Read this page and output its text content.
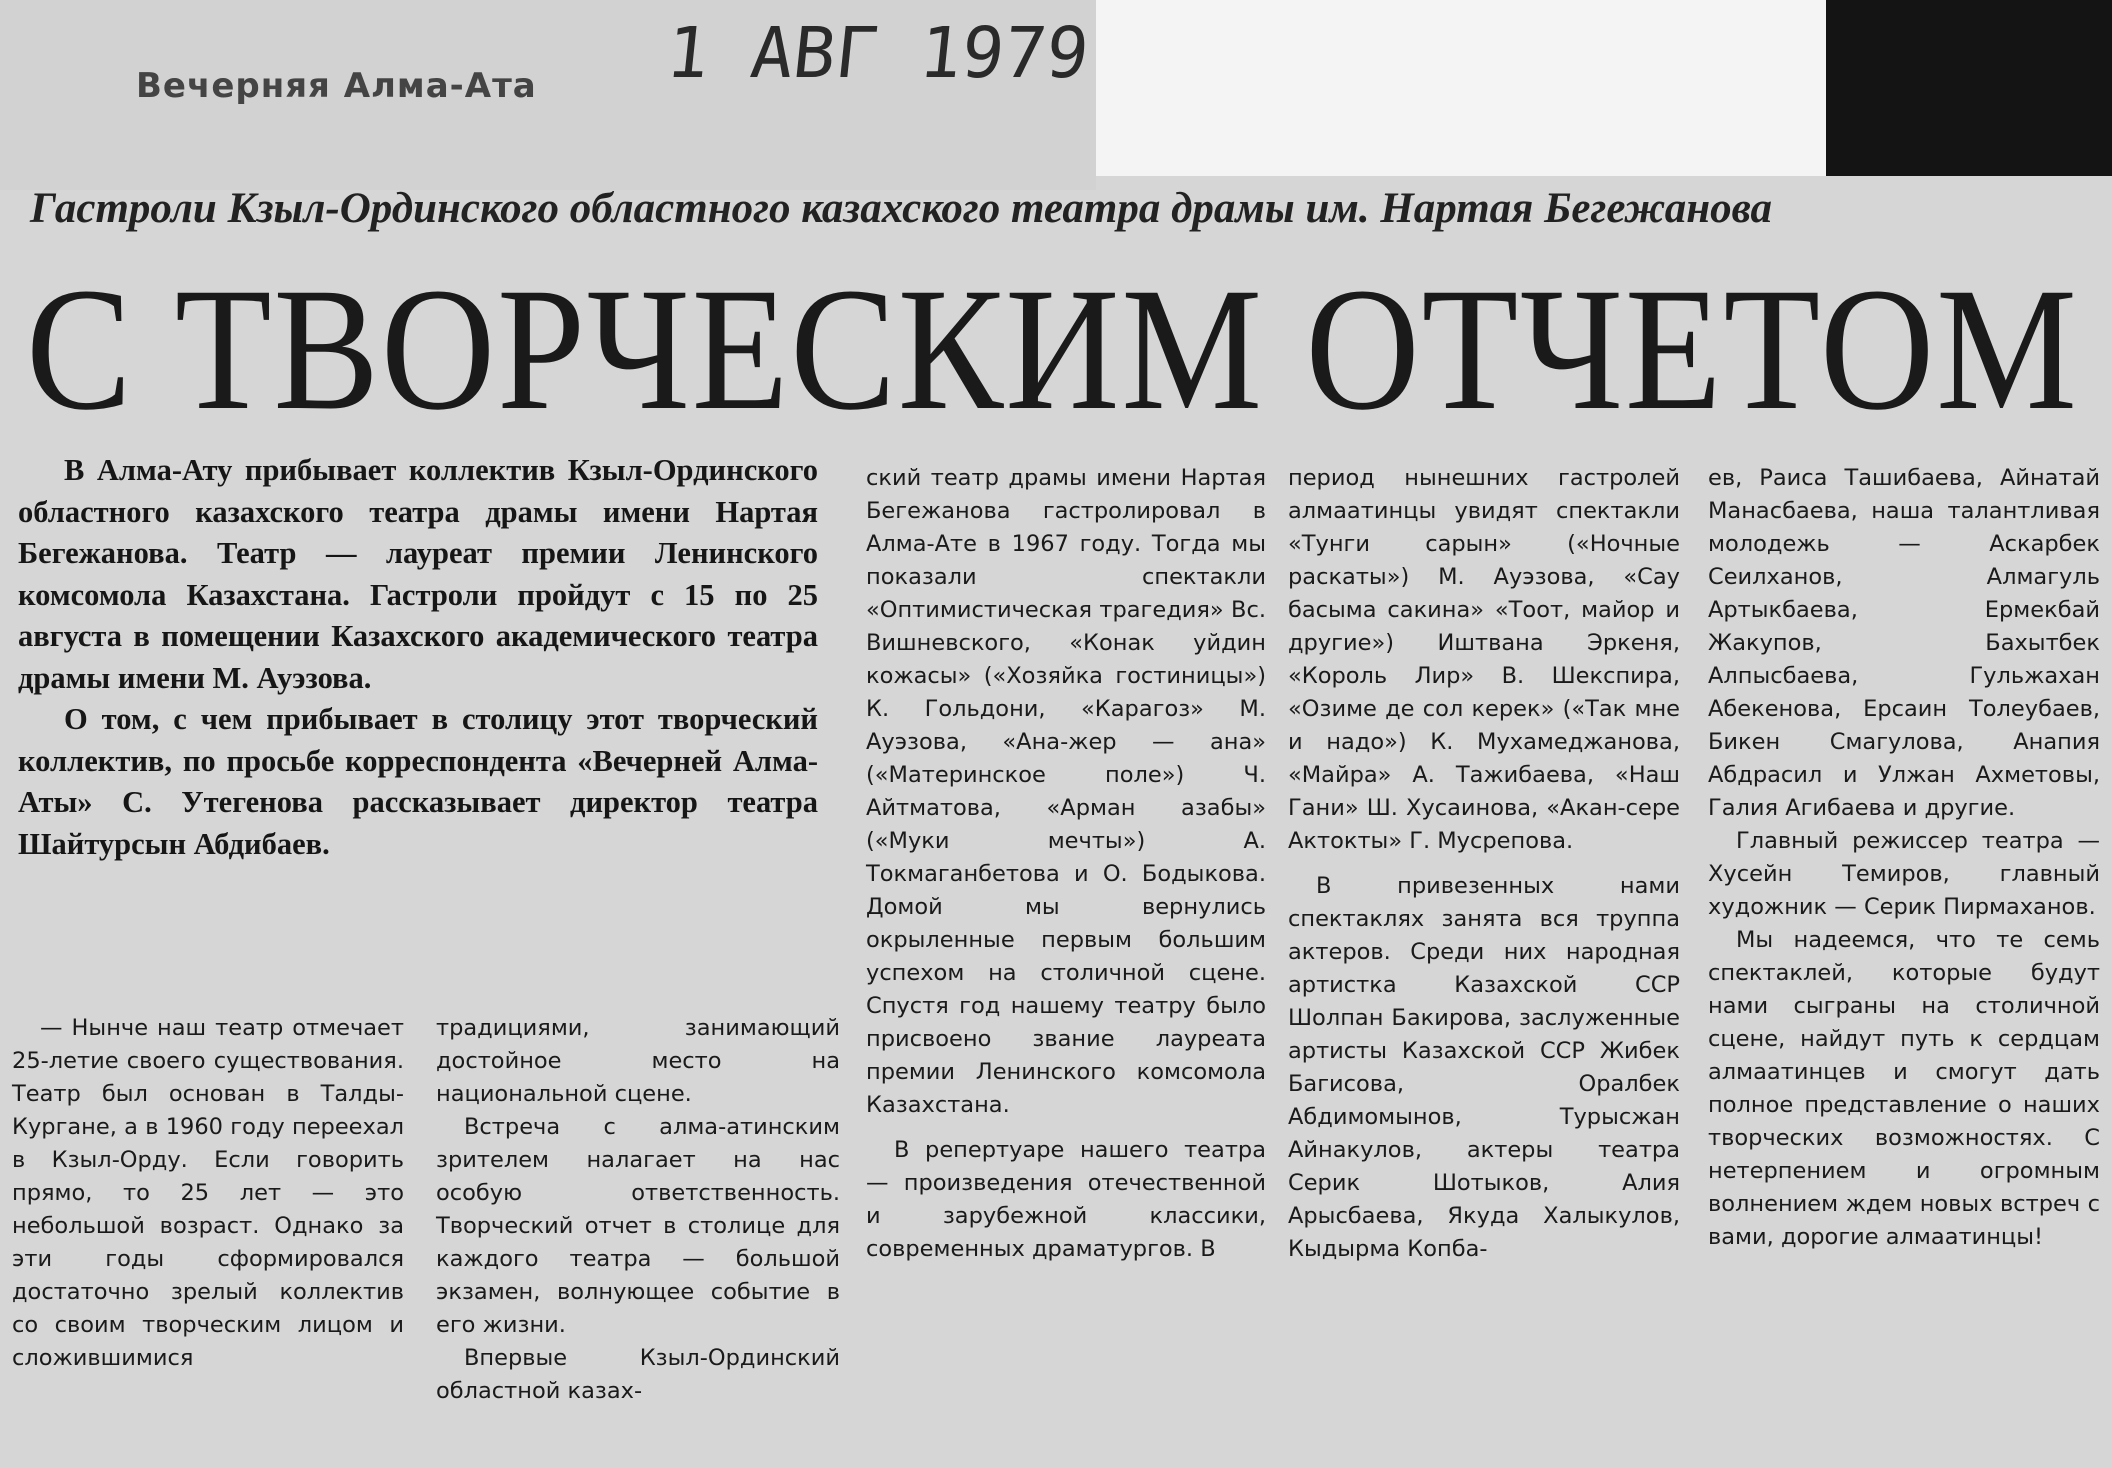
Вечерняя Алма-Ата 1 АВГ 1979
Гастроли Кзыл-Ординского областного казахского театра драмы им. Нартая Бегежанова
С ТВОРЧЕСКИМ ОТЧЕТОМ

В Алма-Ату прибывает коллектив Кзыл-Ординского областного казахского театра драмы имени Нартая Бегежанова. Театр — лауреат премии Ленинского комсомола Казахстана. Гастроли пройдут с 15 по 25 августа в помещении Казахского академического театра драмы имени М. Ауэзова.

О том, с чем прибывает в столицу этот творческий коллектив, по просьбе корреспондента «Вечерней Алма-Аты» С. Утегенова рассказывает директор театра Шайтурсын Абдибаев.

— Нынче наш театр отмечает 25-летие своего существования. Театр был основан в Талды-Кургане, а в 1960 году переехал в Кзыл-Орду. Если говорить прямо, то 25 лет — это небольшой возраст. Однако за эти годы сформировался достаточно зрелый коллектив со своим творческим лицом и сложившимися

традициями, занимающий достойное место на национальной сцене.

Встреча с алма-атинским зрителем налагает на нас особую ответственность. Творческий отчет в столице для каждого театра — большой экзамен, волнующее событие в его жизни.

Впервые Кзыл-Ординский областной казах-

ский театр драмы имени Нартая Бегежанова гастролировал в Алма-Ате в 1967 году. Тогда мы показали спектакли «Оптимистическая трагедия» Вс. Вишневского, «Конак уйдин кожасы» («Хозяйка гостиницы») К. Гольдони, «Карагоз» М. Ауэзова, «Ана-жер — ана» («Материнское поле») Ч. Айтматова, «Арман азабы» («Муки мечты») А. Токмаганбетова и О. Бодыкова. Домой мы вернулись окрыленные первым большим успехом на столичной сцене. Спустя год нашему театру было присвоено звание лауреата премии Ленинского комсомола Казахстана.

В репертуаре нашего театра — произведения отечественной и зарубежной классики, современных драматургов. В

период нынешних гастролей алмаатинцы увидят спектакли «Тунги сарын» («Ночные раскаты») М. Ауэзова, «Сау басыма сакина» «Тоот, майор и другие») Иштвана Эркеня, «Король Лир» В. Шекспира, «Озиме де сол керек» («Так мне и надо») К. Мухамеджанова, «Майра» А. Тажибаева, «Наш Гани» Ш. Хусаинова, «Акан-сере Актокты» Г. Мусрепова.

В привезенных нами спектаклях занята вся труппа актеров. Среди них народная артистка Казахской ССР Шолпан Бакирова, заслуженные артисты Казахской ССР Жибек Багисова, Оралбек Абдимомынов, Турысжан Айнакулов, актеры театра Серик Шотыков, Алия Арысбаева, Якуда Халыкулов, Кыдырма Копба-

ев, Раиса Ташибаева, Айнатай Манасбаева, наша талантливая молодежь — Аскарбек Сеилханов, Алмагуль Артыкбаева, Ермекбай Жакупов, Бахытбек Алпысбаева, Гульжахан Абекенова, Ерсаин Толеубаев, Бикен Смагулова, Анапия Абдрасил и Улжан Ахметовы, Галия Агибаева и другие.

Главный режиссер театра — Хусейн Темиров, главный художник — Серик Пирмаханов.

Мы надеемся, что те семь спектаклей, которые будут нами сыграны на столичной сцене, найдут путь к сердцам алмаатинцев и смогут дать полное представление о наших творческих возможностях. С нетерпением и огромным волнением ждем новых встреч с вами, дорогие алмаатинцы!
